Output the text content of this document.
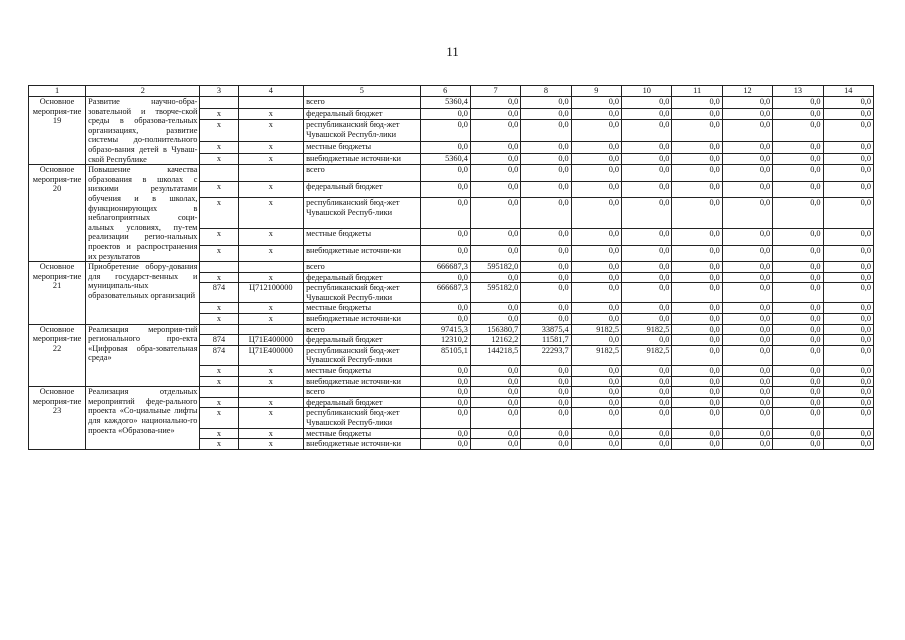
11
1	2	3	4	5	6	7	8	9	10	11	12	13	14
Основное мероприя-тие 19	Развитие научно-обра-зовательной и творче-ской среды в образова-тельных организациях, развитие системы до-полнительного образо-вания детей в Чуваш-ской Республике			всего	5360,4	0,0	0,0	0,0	0,0	0,0	0,0	0,0	0,0
		x	x	федеральный бюджет	0,0	0,0	0,0	0,0	0,0	0,0	0,0	0,0	0,0
		x	x	республиканский бюд-жет Чувашской Республ-лики	0,0	0,0	0,0	0,0	0,0	0,0	0,0	0,0	0,0
		x	x	местные бюджеты	0,0	0,0	0,0	0,0	0,0	0,0	0,0	0,0	0,0
		x	x	внебюджетные источни-ки	5360,4	0,0	0,0	0,0	0,0	0,0	0,0	0,0	0,0
Основное мероприя-тие 20	Повышение качества образования в школах с низкими результатами обучения и в школах, функционирующих в неблагоприятных соци-альных условиях, пу-тем реализации регио-нальных проектов и распространения их результатов			всего	0,0	0,0	0,0	0,0	0,0	0,0	0,0	0,0	0,0
		x	x	федеральный бюджет	0,0	0,0	0,0	0,0	0,0	0,0	0,0	0,0	0,0
		x	x	республиканский бюд-жет Чувашской Респуб-лики	0,0	0,0	0,0	0,0	0,0	0,0	0,0	0,0	0,0
		x	x	местные бюджеты	0,0	0,0	0,0	0,0	0,0	0,0	0,0	0,0	0,0
		x	x	внебюджетные источни-ки	0,0	0,0	0,0	0,0	0,0	0,0	0,0	0,0	0,0
Основное мероприя-тие 21	Приобретение обору-дования для государст-венных и муниципаль-ных образовательных организаций			всего	666687,3	595182,0	0,0	0,0	0,0	0,0	0,0	0,0	0,0
		x	x	федеральный бюджет	0,0	0,0	0,0	0,0	0,0	0,0	0,0	0,0	0,0
		874	Ц712100000	республиканский бюд-жет Чувашской Респуб-лики	666687,3	595182,0	0,0	0,0	0,0	0,0	0,0	0,0	0,0
		x	x	местные бюджеты	0,0	0,0	0,0	0,0	0,0	0,0	0,0	0,0	0,0
		x	x	внебюджетные источни-ки	0,0	0,0	0,0	0,0	0,0	0,0	0,0	0,0	0,0
Основное мероприя-тие 22	Реализация мероприя-тий регионального про-екта «Цифровая обра-зовательная среда»			всего	97415,3	156380,7	33875,4	9182,5	9182,5	0,0	0,0	0,0	0,0
		874	Ц71E400000	федеральный бюджет	12310,2	12162,2	11581,7	0,0	0,0	0,0	0,0	0,0	0,0
		874	Ц71E400000	республиканский бюд-жет Чувашской Респуб-лики	85105,1	144218,5	22293,7	9182,5	9182,5	0,0	0,0	0,0	0,0
		x	x	местные бюджеты	0,0	0,0	0,0	0,0	0,0	0,0	0,0	0,0	0,0
		x	x	внебюджетные источни-ки	0,0	0,0	0,0	0,0	0,0	0,0	0,0	0,0	0,0
Основное мероприя-тие 23	Реализация отдельных мероприятий феде-рального проекта «Со-циальные лифты для каждого» национально-го проекта «Образова-ние»			всего	0,0	0,0	0,0	0,0	0,0	0,0	0,0	0,0	0,0
		x	x	федеральный бюджет	0,0	0,0	0,0	0,0	0,0	0,0	0,0	0,0	0,0
		x	x	республиканский бюд-жет Чувашской Респуб-лики	0,0	0,0	0,0	0,0	0,0	0,0	0,0	0,0	0,0
		x	x	местные бюджеты	0,0	0,0	0,0	0,0	0,0	0,0	0,0	0,0	0,0
		x	x	внебюджетные источни-ки	0,0	0,0	0,0	0,0	0,0	0,0	0,0	0,0	0,0
